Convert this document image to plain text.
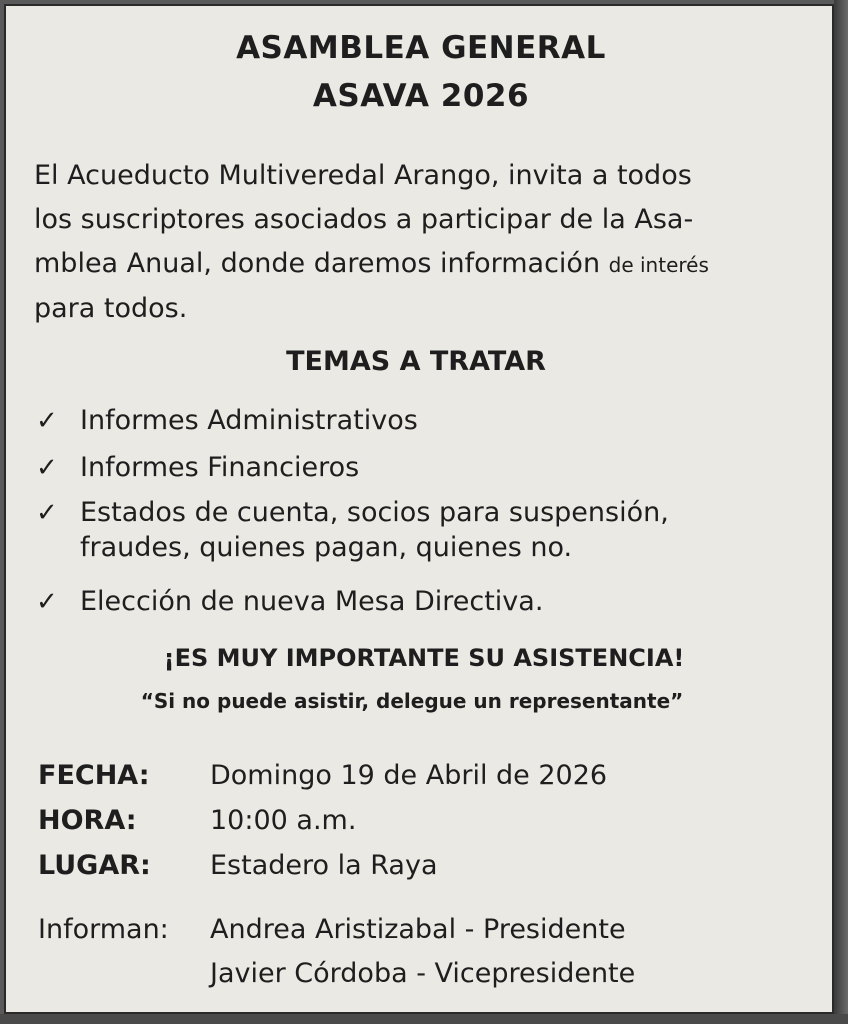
ASAMBLEA GENERAL
ASAVA 2026
El Acueducto Multiveredal Arango, invita a todos
los suscriptores asociados a participar de la Asa-
mblea Anual, donde daremos información de interés
para todos.
TEMAS A TRATAR
✓ Informes Administrativos
✓ Informes Financieros
✓ Estados de cuenta, socios para suspensión,
fraudes, quienes pagan, quienes no.
✓ Elección de nueva Mesa Directiva.
¡ES MUY IMPORTANTE SU ASISTENCIA!
“Si no puede asistir, delegue un representante”
FECHA: Domingo 19 de Abril de 2026
HORA:	10:00 a.m.
LUGAR: Estadero la Raya
Informan: Andrea Aristizabal - Presidente
Javier Córdoba - Vicepresidente
